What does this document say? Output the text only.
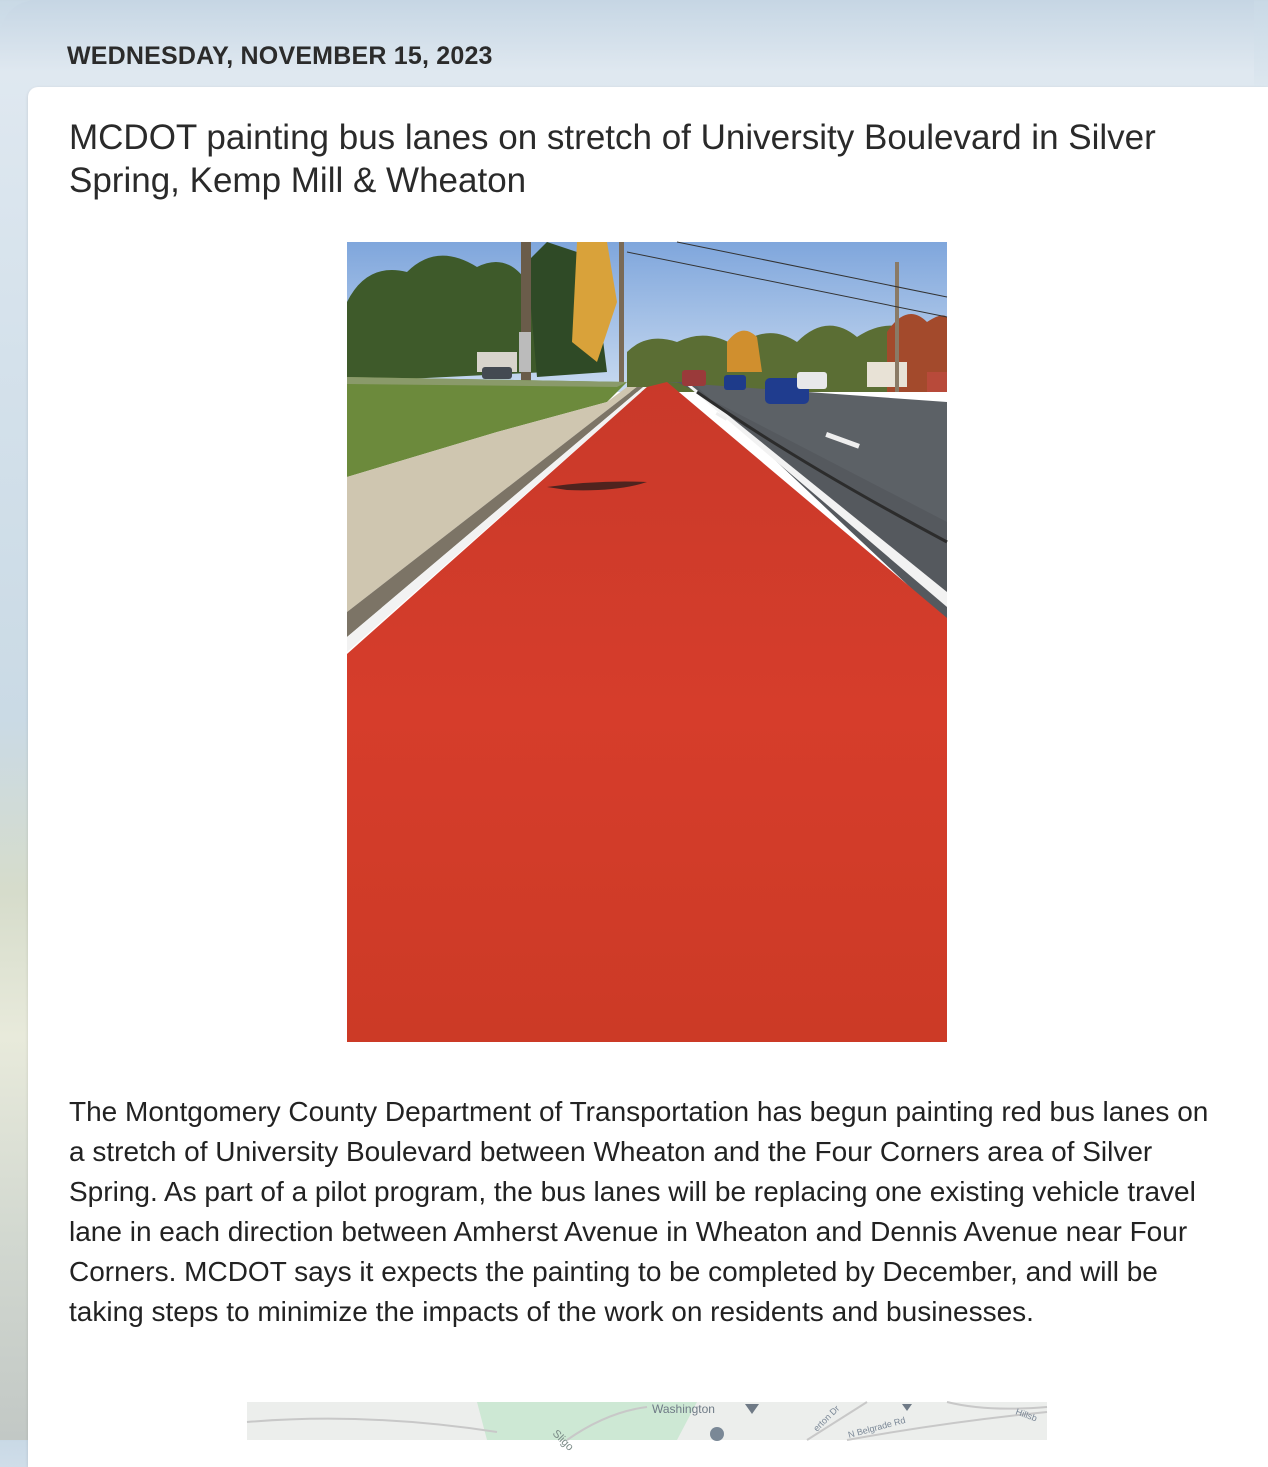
WEDNESDAY, NOVEMBER 15, 2023
MCDOT painting bus lanes on stretch of University Boulevard in Silver Spring, Kemp Mill & Wheaton

The Montgomery County Department of Transportation has begun painting red bus lanes on a stretch of University Boulevard between Wheaton and the Four Corners area of Silver Spring. As part of a pilot program, the bus lanes will be replacing one existing vehicle travel lane in each direction between Amherst Avenue in Wheaton and Dennis Avenue near Four Corners. MCDOT says it expects the painting to be completed by December, and will be taking steps to minimize the impacts of the work on residents and businesses.

Washington
Sligo
erton Dr N Belgrade Rd
Hillsb
